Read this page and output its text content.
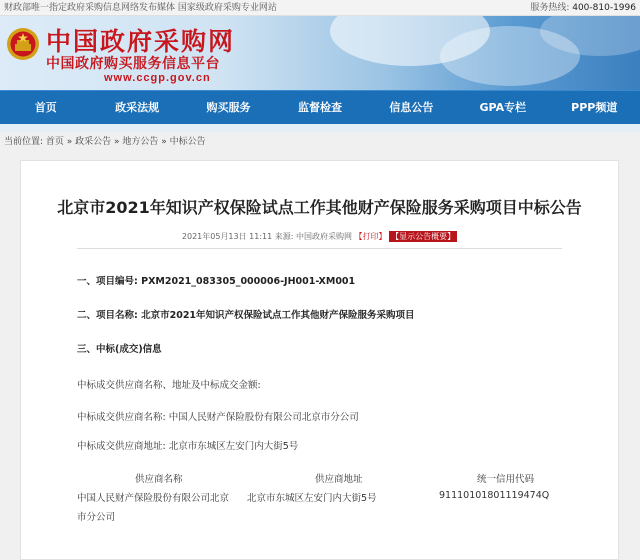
财政部唯一指定政府采购信息网络发布媒体 国家级政府采购专业网站	服务热线: 400-810-1996
中国政府采购网
中国政府购买服务信息平台
www.ccgp.gov.cn
首页	政采法规	购买服务	监督检查	信息公告	GPA专栏	PPP频道
当前位置: 首页 » 政采公告 » 地方公告 » 中标公告
北京市2021年知识产权保险试点工作其他财产保险服务采购项目中标公告
2021年05月13日 11:11 来源: 中国政府采购网 【打印】 【显示公告概要】
一、项目编号: PXM2021_083305_000006-JH001-XM001
二、项目名称: 北京市2021年知识产权保险试点工作其他财产保险服务采购项目
三、中标(成交)信息
中标成交供应商名称、地址及中标成交金额:
中标成交供应商名称: 中国人民财产保险股份有限公司北京市分公司
中标成交供应商地址: 北京市东城区左安门内大街5号
供应商名称	供应商地址	统一信用代码
中国人民财产保险股份有限公司北京
市分公司
北京市东城区左安门内大街5号	91110101801119474Q
